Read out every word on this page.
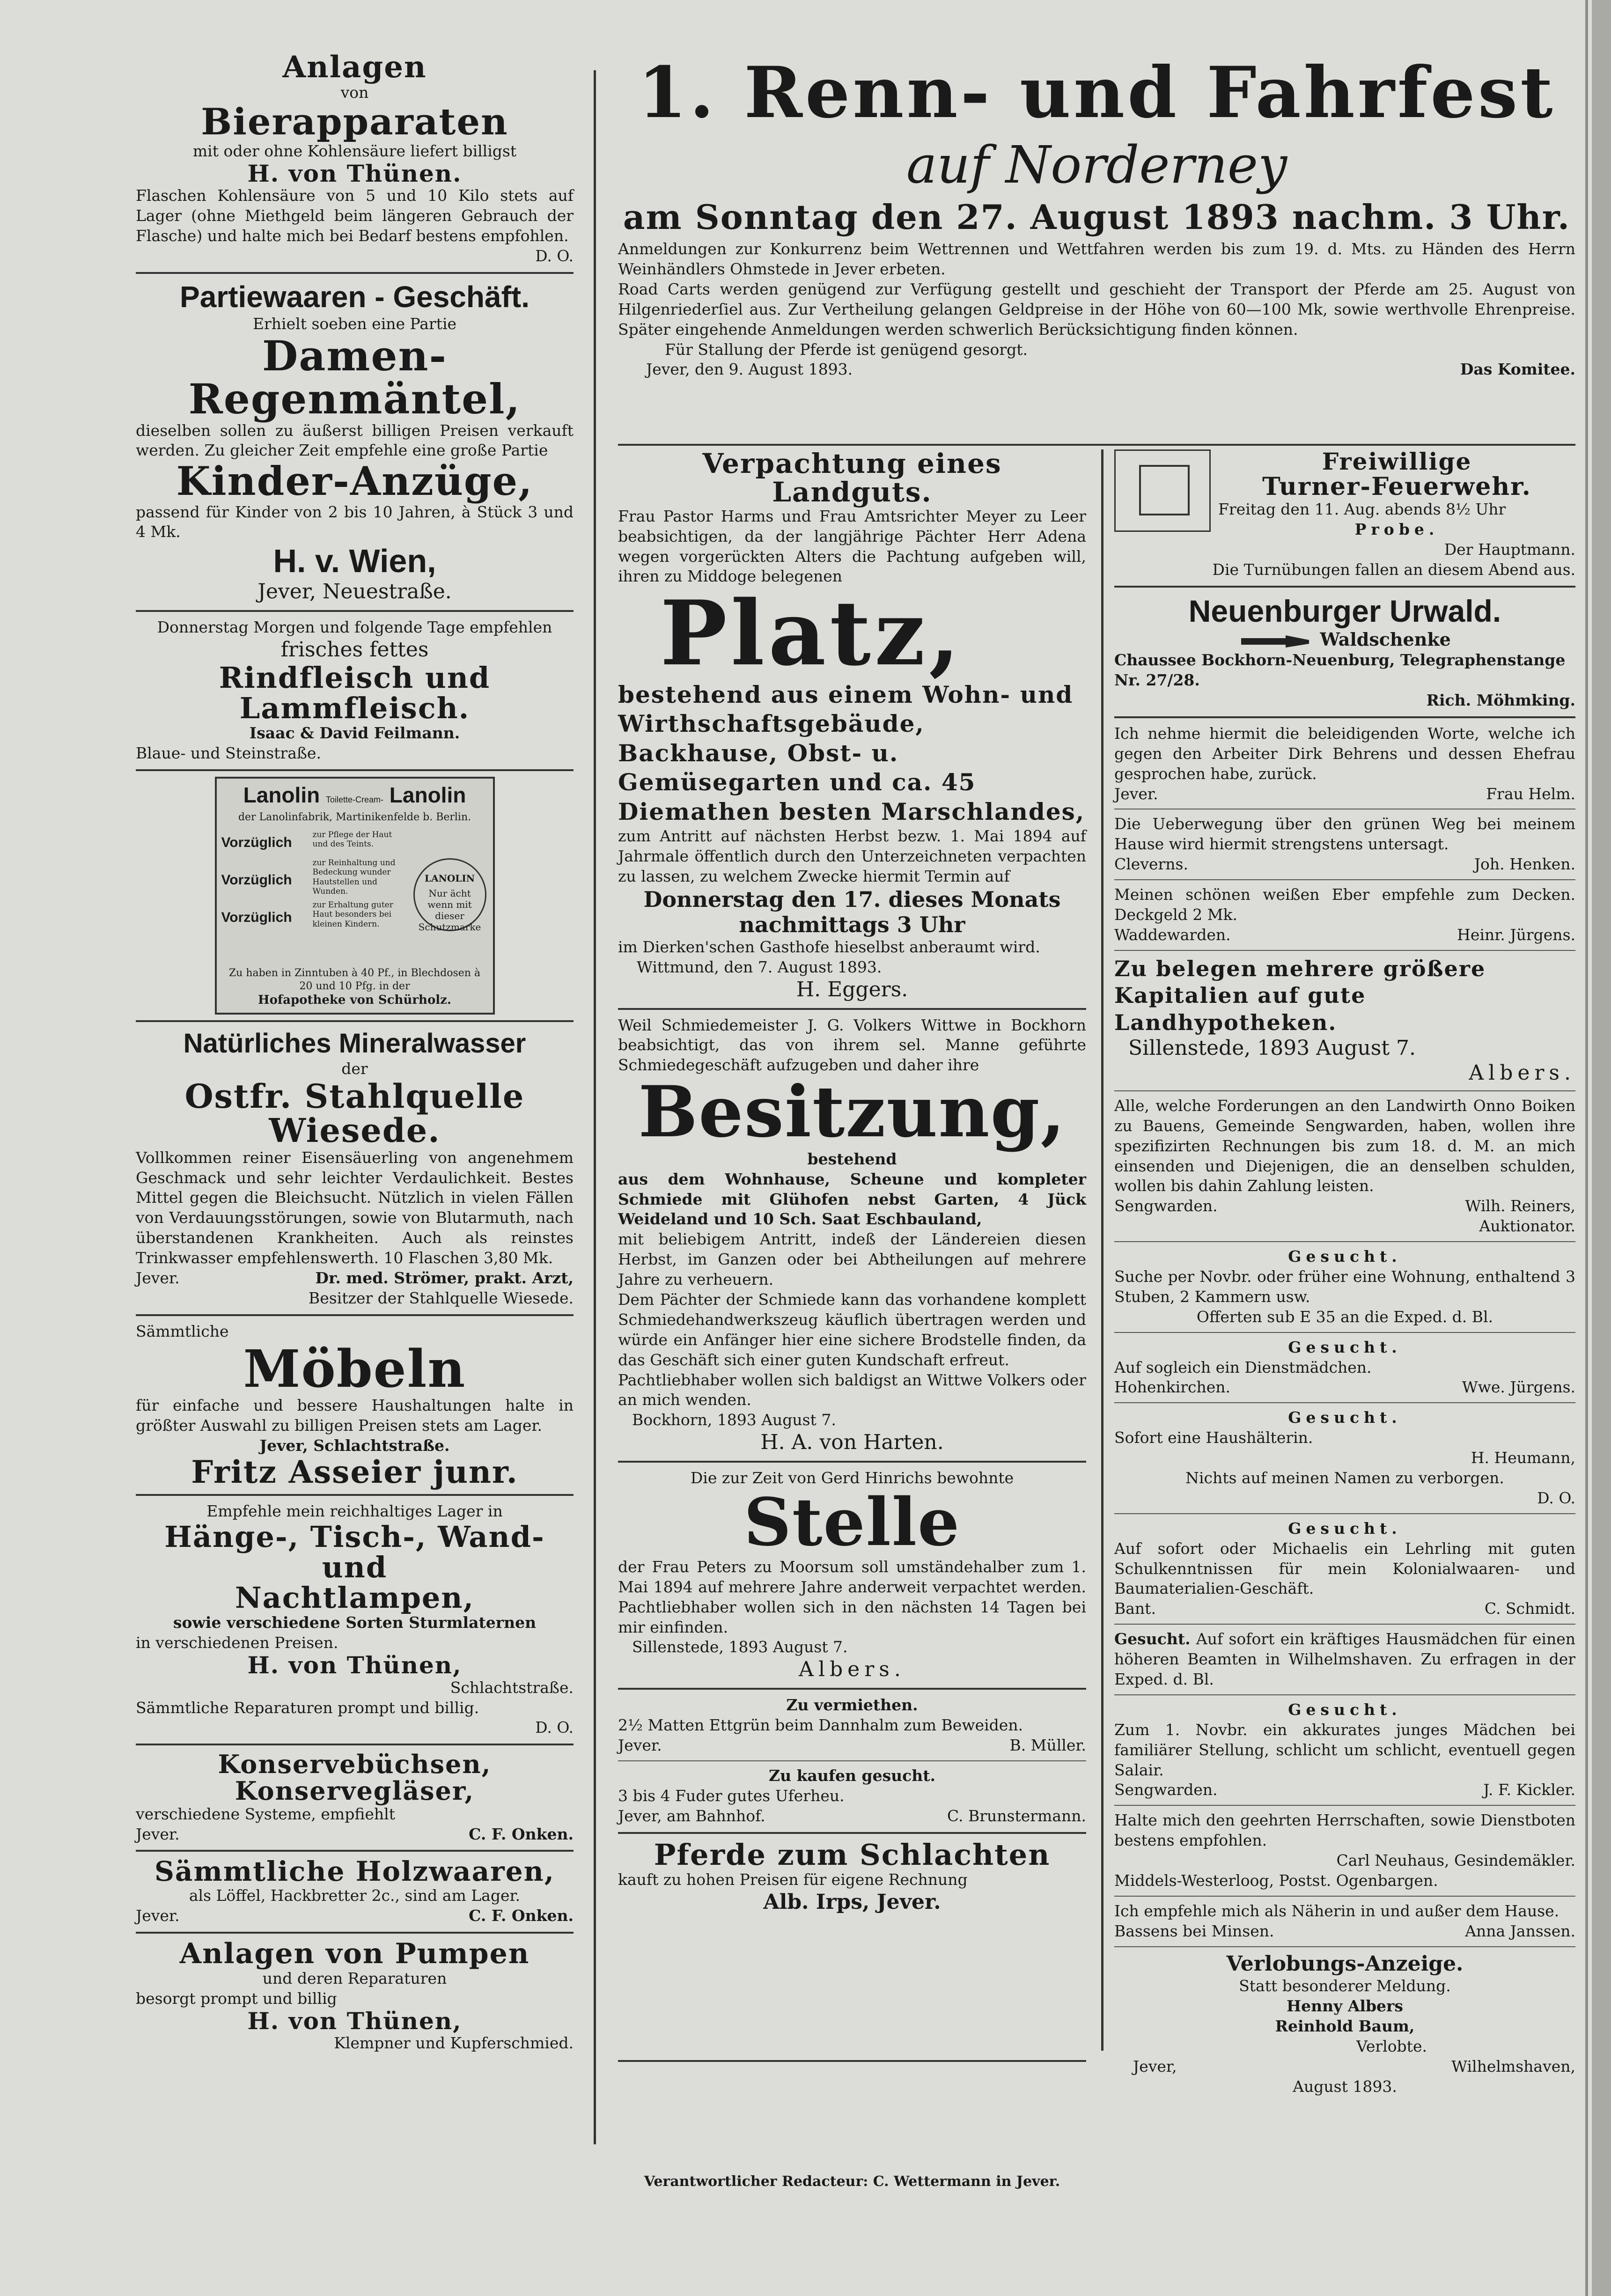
Anlagen
von
Bierapparaten
mit oder ohne Kohlensäure liefert billigst
H. von Thünen.
Flaschen Kohlensäure von 5 und 10 Kilo stets auf Lager (ohne Miethgeld beim längeren Gebrauch der Flasche) und halte mich bei Bedarf bestens empfohlen.
D. O.
Partiewaaren - Geschäft.
Erhielt soeben eine Partie
Damen-Regenmäntel,
dieselben sollen zu äußerst billigen Preisen verkauft werden. Zu gleicher Zeit empfehle eine große Partie
Kinder-Anzüge,
passend für Kinder von 2 bis 10 Jahren, à Stück 3 und 4 Mk.
H. v. Wien,
Jever, Neuestraße.
Donnerstag Morgen und folgende Tage empfehlen
frisches fettes
Rindfleisch und Lammfleisch.
Isaac & David Feilmann.
Blaue- und Steinstraße.
Lanolin Toilette-Cream- Lanolin
der Lanolinfabrik, Martinikenfelde b. Berlin.
Vorzüglich
Vorzüglich
Vorzüglich
zur Pflege der Haut und des Teints.
zur Reinhaltung und Bedeckung wunder Hautstellen und Wunden.
zur Erhaltung guter Haut besonders bei kleinen Kindern.
LANOLIN
Nur ächt wenn mit dieser Schutzmarke
Zu haben in Zinntuben à 40 Pf., in Blechdosen à 20 und 10 Pfg. in der
Hofapotheke von Schürholz.
Natürliches Mineralwasser
der
Ostfr. Stahlquelle Wiesede.
Vollkommen reiner Eisensäuerling von angenehmem Geschmack und sehr leichter Verdaulichkeit. Bestes Mittel gegen die Bleichsucht. Nützlich in vielen Fällen von Verdauungsstörungen, sowie von Blutarmuth, nach überstandenen Krankheiten. Auch als reinstes Trinkwasser empfehlenswerth. 10 Flaschen 3,80 Mk.
Jever.	Dr. med. Strömer, prakt. Arzt,
Besitzer der Stahlquelle Wiesede.
Sämmtliche
Möbeln
für einfache und bessere Haushaltungen halte in größter Auswahl zu billigen Preisen stets am Lager.
Jever, Schlachtstraße.
Fritz Asseier junr.
Empfehle mein reichhaltiges Lager in
Hänge-, Tisch-, Wand- und
Nachtlampen,
sowie verschiedene Sorten Sturmlaternen
in verschiedenen Preisen.
H. von Thünen,
Schlachtstraße.
Sämmtliche Reparaturen prompt und billig.
D. O.
Konservebüchsen,
Konservegläser,
verschiedene Systeme, empfiehlt
Jever.	C. F. Onken.
Sämmtliche Holzwaaren,
als Löffel, Hackbretter 2c., sind am Lager.
Jever.	C. F. Onken.
Anlagen von Pumpen
und deren Reparaturen
besorgt prompt und billig
H. von Thünen,
Klempner und Kupferschmied.
1. Renn- und Fahrfest
auf Norderney
am Sonntag den 27. August 1893 nachm. 3 Uhr.
Anmeldungen zur Konkurrenz beim Wettrennen und Wettfahren werden bis zum 19. d. Mts. zu Händen des Herrn Weinhändlers Ohmstede in Jever erbeten.
Road Carts werden genügend zur Verfügung gestellt und geschieht der Transport der Pferde am 25. August von Hilgenriederſiel aus. Zur Vertheilung gelangen Geldpreise in der Höhe von 60—100 Mk, sowie werthvolle Ehrenpreise. Später eingehende Anmeldungen werden schwerlich Berücksichtigung finden können.
Für Stallung der Pferde ist genügend gesorgt.
Jever, den 9. August 1893.	Das Komitee.
Verpachtung eines Landguts.
Frau Pastor Harms und Frau Amtsrichter Meyer zu Leer beabsichtigen, da der langjährige Pächter Herr Adena wegen vorgerückten Alters die Pachtung aufgeben will, ihren zu Middoge belegenen
Platz,
bestehend aus einem Wohn- und Wirthschaftsgebäude, Backhause, Obst- u. Gemüsegarten und ca. 45 Diemathen besten Marschlandes,
zum Antritt auf nächsten Herbst bezw. 1. Mai 1894 auf Jahrmale öffentlich durch den Unterzeichneten verpachten zu lassen, zu welchem Zwecke hiermit Termin auf
Donnerstag den 17. dieses Monats
nachmittags 3 Uhr
im Dierken'schen Gasthofe hieselbst anberaumt wird.
Wittmund, den 7. August 1893.
H. Eggers.
Weil Schmiedemeister J. G. Volkers Wittwe in Bockhorn beabsichtigt, das von ihrem sel. Manne geführte Schmiedegeschäft aufzugeben und daher ihre
Besitzung,
bestehend
aus dem Wohnhause, Scheune und kompleter Schmiede mit Glühofen nebst Garten, 4 Jück Weideland und 10 Sch. Saat Eschbauland,
mit beliebigem Antritt, indeß der Ländereien diesen Herbst, im Ganzen oder bei Abtheilungen auf mehrere Jahre zu verheuern.
Dem Pächter der Schmiede kann das vorhandene komplett Schmiedehandwerkszeug käuflich übertragen werden und würde ein Anfänger hier eine sichere Brodstelle finden, da das Geschäft sich einer guten Kundschaft erfreut.
Pachtliebhaber wollen sich baldigst an Wittwe Volkers oder an mich wenden.
Bockhorn, 1893 August 7.
H. A. von Harten.
Die zur Zeit von Gerd Hinrichs bewohnte
Stelle
der Frau Peters zu Moorsum soll umständehalber zum 1. Mai 1894 auf mehrere Jahre anderweit verpachtet werden. Pachtliebhaber wollen sich in den nächsten 14 Tagen bei mir einfinden.
Sillenstede, 1893 August 7.
Albers.
Zu vermiethen.
2½ Matten Ettgrün beim Dannhalm zum Beweiden.
Jever.	B. Müller.
Zu kaufen gesucht.
3 bis 4 Fuder gutes Uferheu.
Jever, am Bahnhof.	C. Brunstermann.
Pferde zum Schlachten
kauft zu hohen Preisen für eigene Rechnung
Alb. Irps, Jever.
Freiwillige
Turner-Feuerwehr.
Freitag den 11. Aug. abends 8½ Uhr
Probe.
Der Hauptmann.
Die Turnübungen fallen an diesem Abend aus.
Neuenburger Urwald.
Waldschenke
Chaussee Bockhorn-Neuenburg, Telegraphenstange Nr. 27/28.
Rich. Möhmking.
Ich nehme hiermit die beleidigenden Worte, welche ich gegen den Arbeiter Dirk Behrens und dessen Ehefrau gesprochen habe, zurück.
Jever.	Frau Helm.
Die Ueberwegung über den grünen Weg bei meinem Hause wird hiermit strengstens untersagt.
Cleverns.	Joh. Henken.
Meinen schönen weißen Eber empfehle zum Decken. Deckgeld 2 Mk.
Waddewarden.	Heinr. Jürgens.
Zu belegen mehrere größere Kapitalien auf gute Landhypotheken.
Sillenstede, 1893 August 7.
Albers.
Alle, welche Forderungen an den Landwirth Onno Boiken zu Bauens, Gemeinde Sengwarden, haben, wollen ihre spezifizirten Rechnungen bis zum 18. d. M. an mich einsenden und Diejenigen, die an denselben schulden, wollen bis dahin Zahlung leisten.
Sengwarden.	Wilh. Reiners,
Auktionator.
Gesucht.
Suche per Novbr. oder früher eine Wohnung, enthaltend 3 Stuben, 2 Kammern usw.
Offerten sub E 35 an die Exped. d. Bl.
Gesucht.
Auf sogleich ein Dienstmädchen.
Hohenkirchen.	Wwe. Jürgens.
Gesucht.
Sofort eine Haushälterin.
H. Heumann,
Nichts auf meinen Namen zu verborgen.
D. O.
Gesucht.
Auf sofort oder Michaelis ein Lehrling mit guten Schulkenntnissen für mein Kolonialwaaren- und Baumaterialien-Geschäft.
Bant.	C. Schmidt.
Gesucht. Auf sofort ein kräftiges Hausmädchen für einen höheren Beamten in Wilhelmshaven. Zu erfragen in der Exped. d. Bl.
Gesucht.
Zum 1. Novbr. ein akkurates junges Mädchen bei familiärer Stellung, schlicht um schlicht, eventuell gegen Salair.
Sengwarden.	J. F. Kickler.
Halte mich den geehrten Herrschaften, sowie Dienstboten bestens empfohlen.
Carl Neuhaus, Gesindemäkler.
Middels-Westerloog, Postst. Ogenbargen.
Ich empfehle mich als Näherin in und außer dem Hause.
Bassens bei Minsen.	Anna Janssen.
Verlobungs-Anzeige.
Statt besonderer Meldung.
Henny Albers
Reinhold Baum,
Verlobte.
Jever,	Wilhelmshaven,
August 1893.
Verantwortlicher Redacteur: C. Wettermann in Jever.
